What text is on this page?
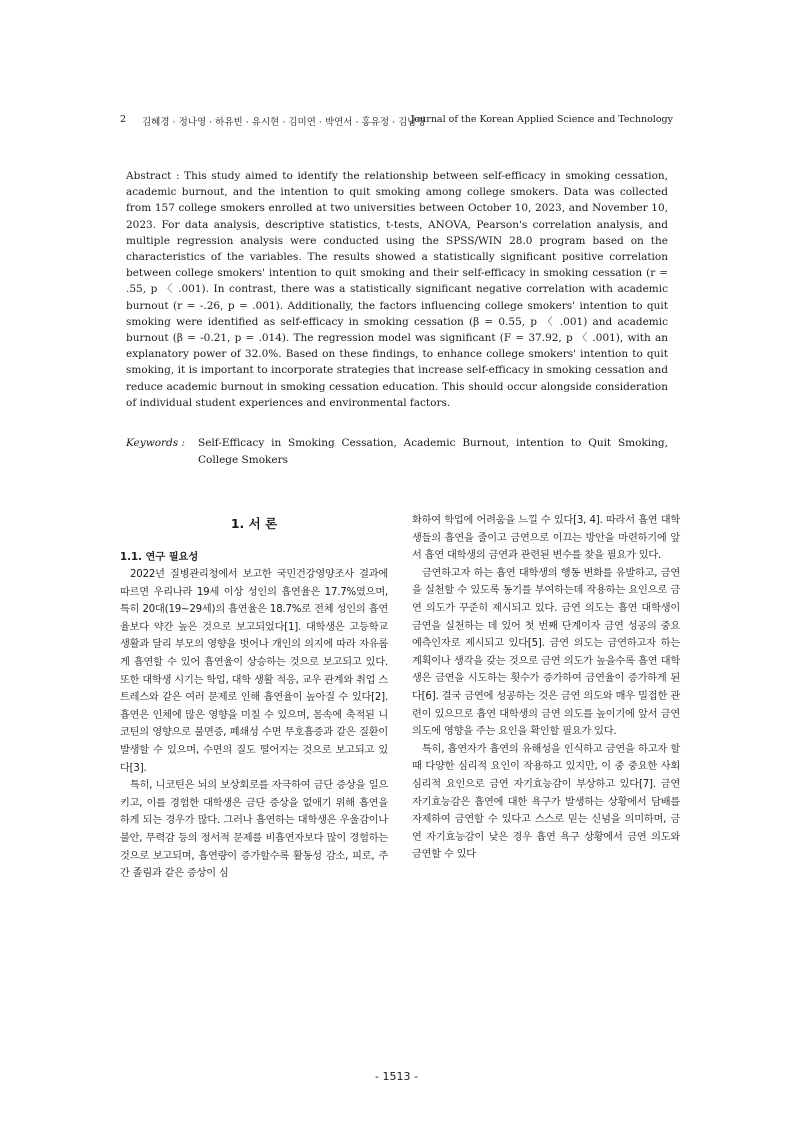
2 김혜경 · 정나영 · 하유빈 · 유시현 · 김미연 · 박연서 · 홍유정 · 김남영
Journal of the Korean Applied Science and Technology

Abstract : This study aimed to identify the relationship between self-efficacy in smoking cessation, academic burnout, and the intention to quit smoking among college smokers. Data was collected from 157 college smokers enrolled at two universities between October 10, 2023, and November 10, 2023. For data analysis, descriptive statistics, t-tests, ANOVA, Pearson's correlation analysis, and multiple regression analysis were conducted using the SPSS/WIN 28.0 program based on the characteristics of the variables. The results showed a statistically significant positive correlation between college smokers' intention to quit smoking and their self-efficacy in smoking cessation (r = .55, p 〈 .001). In contrast, there was a statistically significant negative correlation with academic burnout (r = -.26, p = .001). Additionally, the factors influencing college smokers' intention to quit smoking were identified as self-efficacy in smoking cessation (β = 0.55, p 〈 .001) and academic burnout (β = -0.21, p = .014). The regression model was significant (F = 37.92, p 〈 .001), with an explanatory power of 32.0%. Based on these findings, to enhance college smokers' intention to quit smoking, it is important to incorporate strategies that increase self-efficacy in smoking cessation and reduce academic burnout in smoking cessation education. This should occur alongside consideration of individual student experiences and environmental factors.

Keywords : Self-Efficacy in Smoking Cessation, Academic Burnout, intention to Quit Smoking, College Smokers
1. 서 론
1.1. 연구 필요성

2022년 질병관리청에서 보고한 국민건강영양조사 결과에 따르면 우리나라 19세 이상 성인의 흡연율은 17.7%였으며, 특히 20대(19~29세)의 흡연율은 18.7%로 전체 성인의 흡연율보다 약간 높은 것으로 보고되었다[1]. 대학생은 고등학교 생활과 달리 부모의 영향을 벗어나 개인의 의지에 따라 자유롭게 흡연할 수 있어 흡연율이 상승하는 것으로 보고되고 있다. 또한 대학생 시기는 학업, 대학 생활 적응, 교우 관계와 취업 스트레스와 같은 여러 문제로 인해 흡연율이 높아질 수 있다[2]. 흡연은 인체에 많은 영향을 미칠 수 있으며, 몸속에 축적된 니코틴의 영향으로 불면증, 폐쇄성 수면 무호흡증과 같은 질환이 발생할 수 있으며, 수면의 질도 떨어지는 것으로 보고되고 있다[3].

특히, 니코틴은 뇌의 보상회로를 자극하여 금단 증상을 일으키고, 이를 경험한 대학생은 금단 증상을 없애기 위해 흡연을 하게 되는 경우가 많다. 그러나 흡연하는 대학생은 우울감이나 불안, 무력감 등의 정서적 문제를 비흡연자보다 많이 경험하는 것으로 보고되며, 흡연량이 증가할수록 활동성 감소, 피로, 주간 졸림과 같은 증상이 심

화하여 학업에 어려움을 느낄 수 있다[3, 4]. 따라서 흡연 대학생들의 흡연을 줄이고 금연으로 이끄는 방안을 마련하기에 앞서 흡연 대학생의 금연과 관련된 변수를 찾을 필요가 있다.

금연하고자 하는 흡연 대학생의 행동 변화를 유발하고, 금연을 실천할 수 있도록 동기를 부여하는데 작용하는 요인으로 금연 의도가 꾸준히 제시되고 있다. 금연 의도는 흡연 대학생이 금연을 실천하는 데 있어 첫 번째 단계이자 금연 성공의 중요 예측인자로 제시되고 있다[5]. 금연 의도는 금연하고자 하는 계획이나 생각을 갖는 것으로 금연 의도가 높을수록 흡연 대학생은 금연을 시도하는 횟수가 증가하여 금연율이 증가하게 된다[6]. 결국 금연에 성공하는 것은 금연 의도와 매우 밀접한 관련이 있으므로 흡연 대학생의 금연 의도를 높이기에 앞서 금연 의도에 영향을 주는 요인을 확인할 필요가 있다.

특히, 흡연자가 흡연의 유해성을 인식하고 금연을 하고자 할 때 다양한 심리적 요인이 작용하고 있지만, 이 중 중요한 사회심리적 요인으로 금연 자기효능감이 부상하고 있다[7]. 금연 자기효능감은 흡연에 대한 욕구가 발생하는 상황에서 담배를 자제하여 금연할 수 있다고 스스로 믿는 신념을 의미하며, 금연 자기효능감이 낮은 경우 흡연 욕구 상황에서 금연 의도와 금연할 수 있다

- 1513 -
